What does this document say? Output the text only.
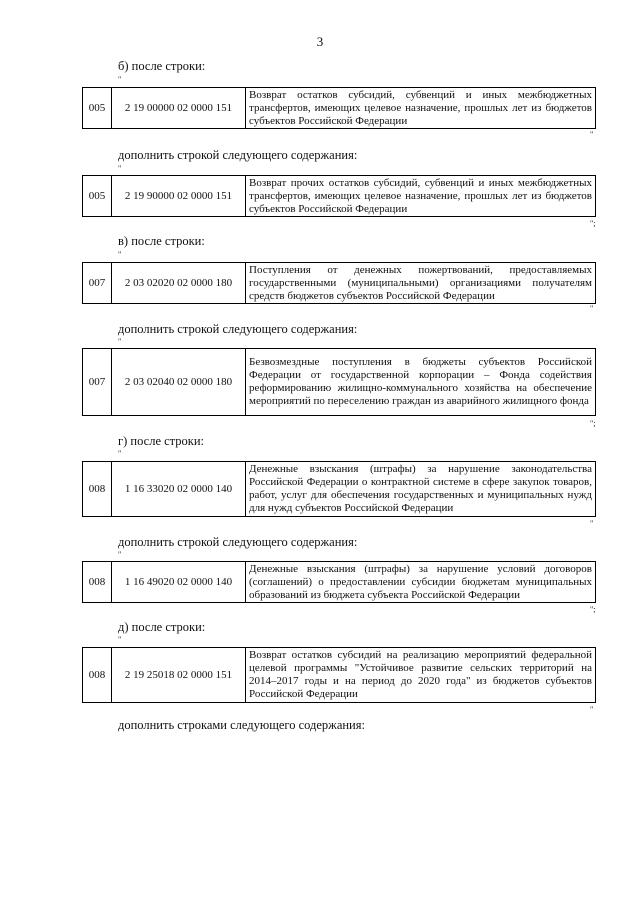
3
б) после строки:
"
005	2 19 00000 02 0000 151	Возврат остатков субсидий, субвенций и иных межбюджетных трансфертов, имеющих целевое назначение, прошлых лет из бюджетов субъектов Российской Федерации
"
дополнить строкой следующего содержания:
"
005	2 19 90000 02 0000 151	Возврат прочих остатков субсидий, субвенций и иных межбюджетных трансфертов, имеющих целевое назначение, прошлых лет из бюджетов субъектов Российской Федерации
";
в) после строки:
"
007	2 03 02020 02 0000 180	Поступления от денежных пожертвований, предоставляемых государственными (муниципальными) организациями получателям средств бюджетов субъектов Российской Федерации
"
дополнить строкой следующего содержания:
"
007	2 03 02040 02 0000 180	Безвозмездные поступления в бюджеты субъектов Российской Федерации от государственной корпорации – Фонда содействия реформированию жилищно-коммунального хозяйства на обеспечение мероприятий по переселению граждан из аварийного жилищного фонда
";
г) после строки:
"
008	1 16 33020 02 0000 140	Денежные взыскания (штрафы) за нарушение законодательства Российской Федерации о контрактной системе в сфере закупок товаров, работ, услуг для обеспечения государственных и муниципальных нужд для нужд субъектов Российской Федерации
"
дополнить строкой следующего содержания:
"
008	1 16 49020 02 0000 140	Денежные взыскания (штрафы) за нарушение условий договоров (соглашений) о предоставлении субсидии бюджетам муниципальных образований из бюджета субъекта Российской Федерации
";
д) после строки:
"
008	2 19 25018 02 0000 151	Возврат остатков субсидий на реализацию мероприятий федеральной целевой программы "Устойчивое развитие сельских территорий на 2014–2017 годы и на период до 2020 года" из бюджетов субъектов Российской Федерации
"
дополнить строками следующего содержания:
